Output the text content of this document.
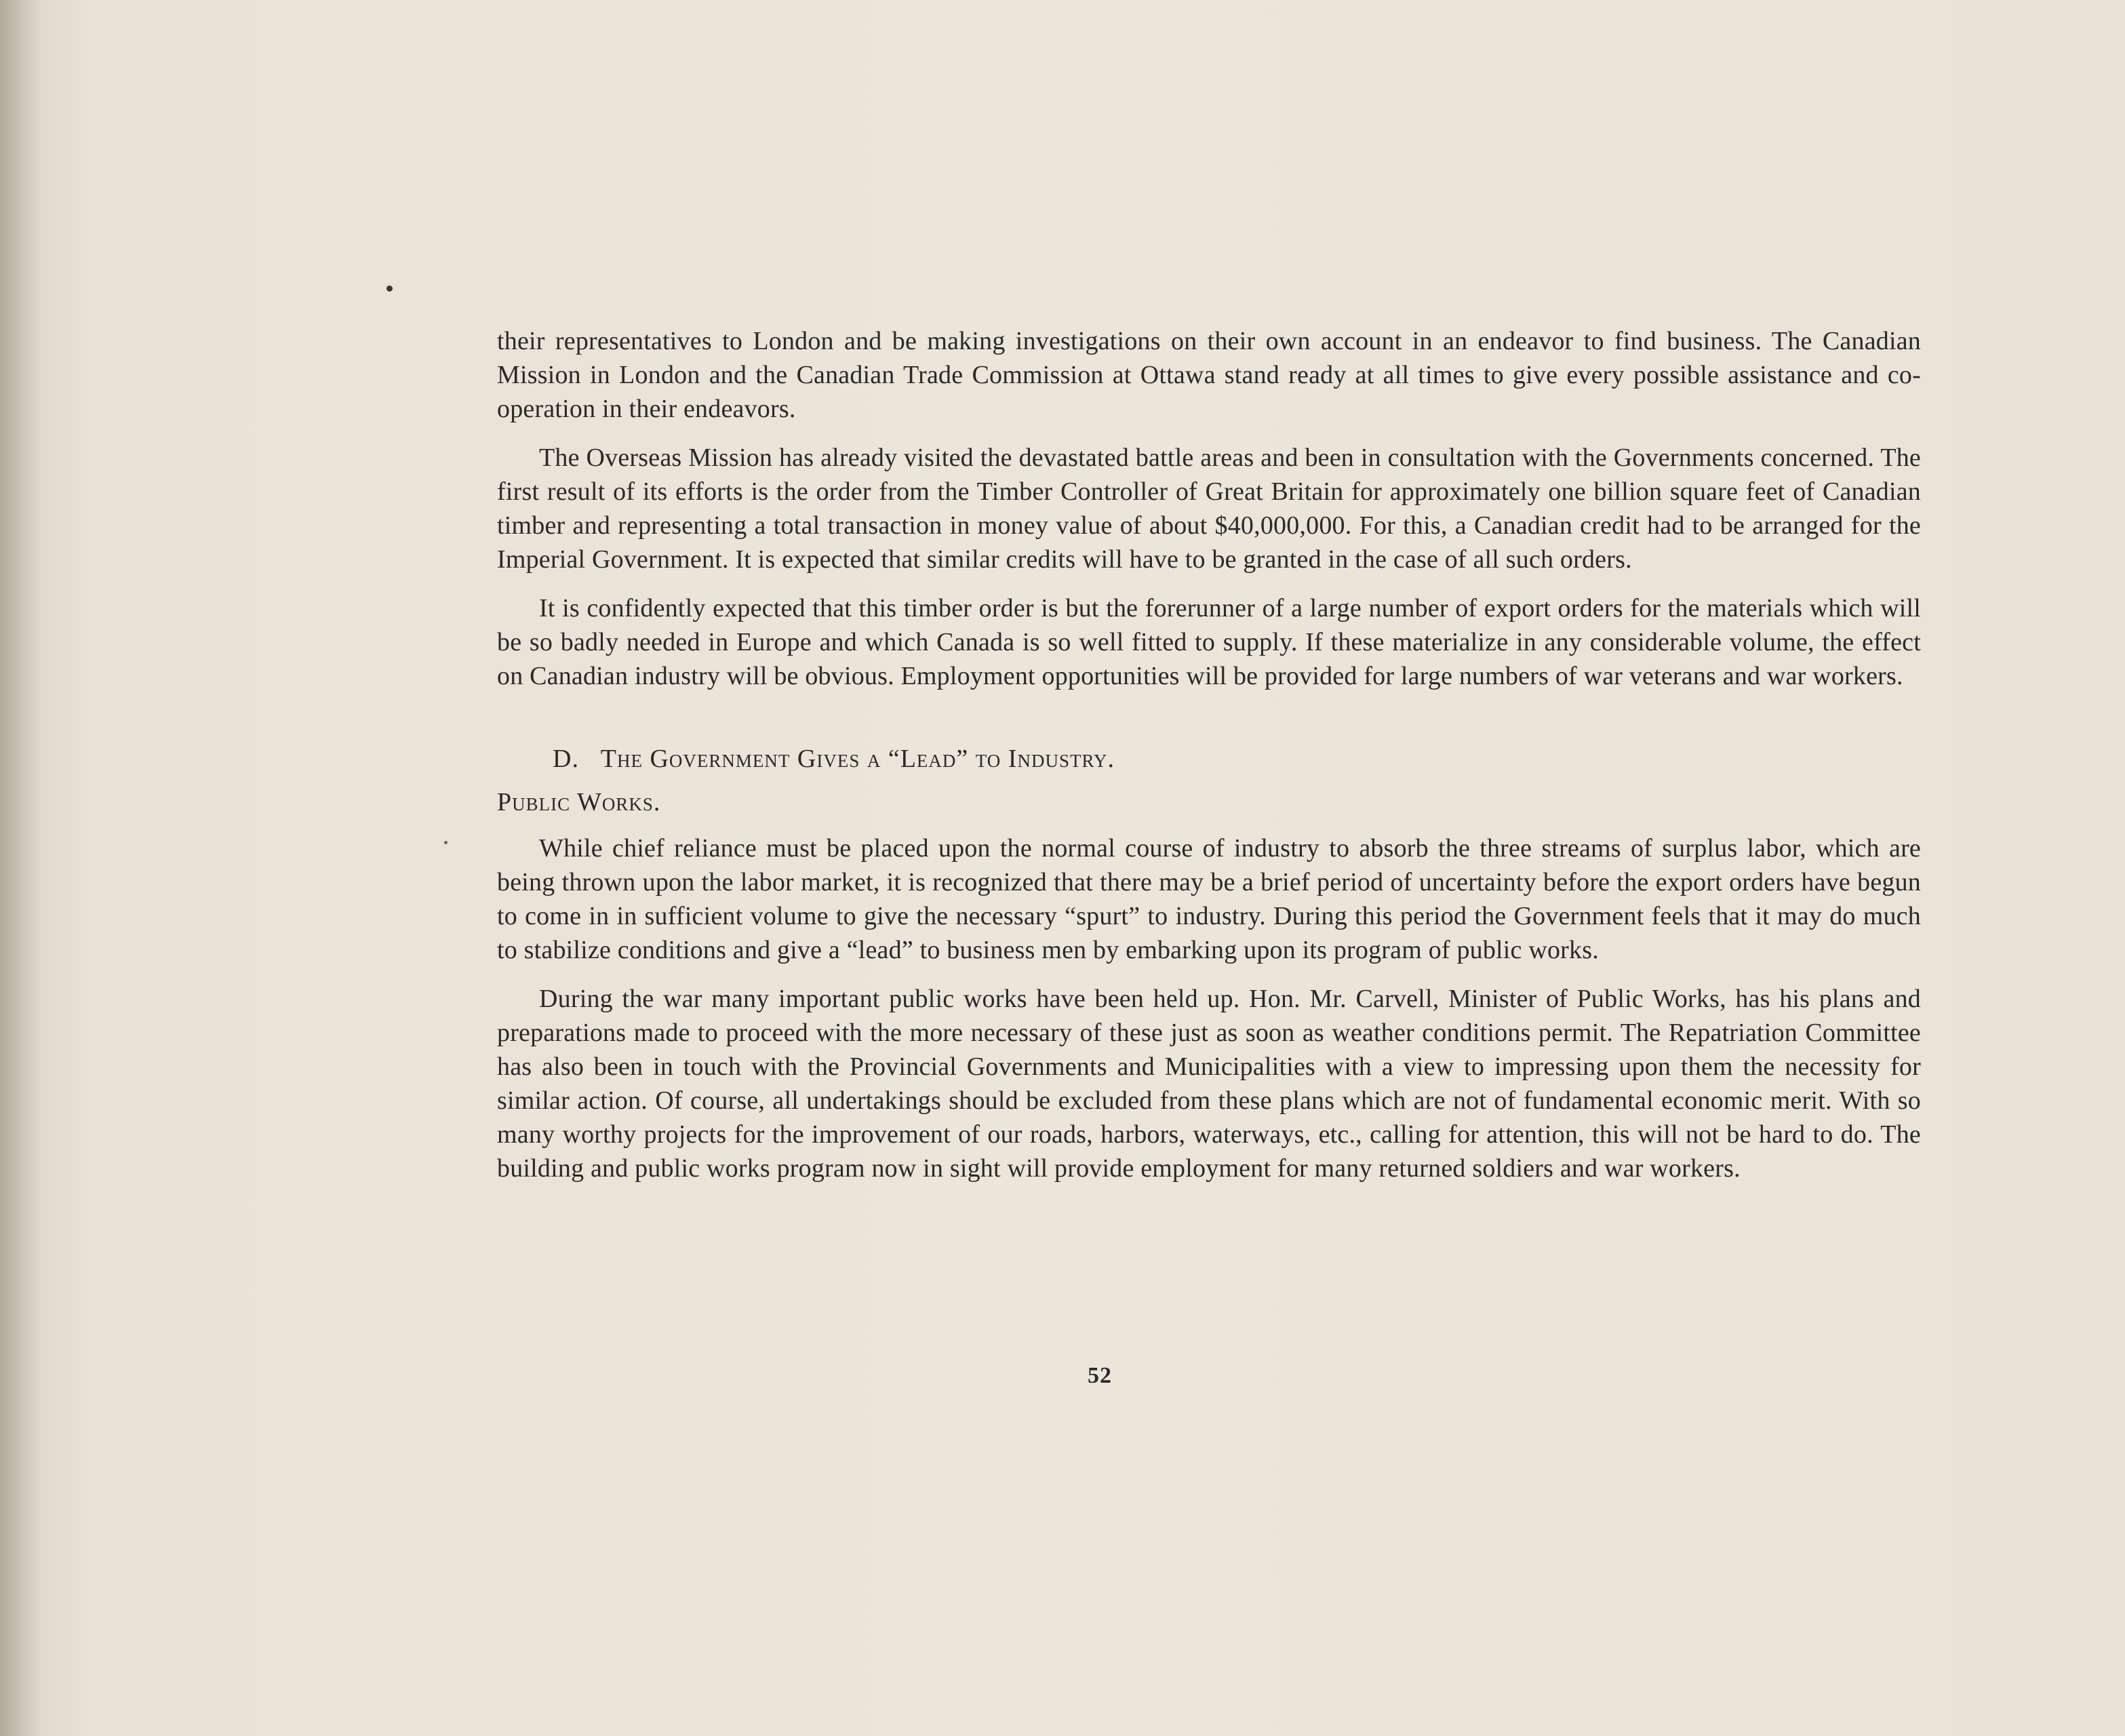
their representatives to London and be making investigations on their own account in an endeavor to find business. The Canadian Mission in London and the Canadian Trade Commission at Ottawa stand ready at all times to give every possible assistance and co-operation in their endeavors.

The Overseas Mission has already visited the devastated battle areas and been in consultation with the Governments concerned. The first result of its efforts is the order from the Timber Controller of Great Britain for approximately one billion square feet of Canadian timber and representing a total transaction in money value of about $40,000,000. For this, a Canadian credit had to be arranged for the Imperial Government. It is expected that similar credits will have to be granted in the case of all such orders.

It is confidently expected that this timber order is but the forerunner of a large number of export orders for the materials which will be so badly needed in Europe and which Canada is so well fitted to supply. If these materialize in any considerable volume, the effect on Canadian industry will be obvious. Employment opportunities will be provided for large numbers of war veterans and war workers.

D. The Government Gives a “Lead” to Industry.
Public Works.

While chief reliance must be placed upon the normal course of industry to absorb the three streams of surplus labor, which are being thrown upon the labor market, it is recognized that there may be a brief period of uncertainty before the export orders have begun to come in in sufficient volume to give the necessary “spurt” to industry. During this period the Government feels that it may do much to stabilize conditions and give a “lead” to business men by embarking upon its program of public works.

During the war many important public works have been held up. Hon. Mr. Carvell, Minister of Public Works, has his plans and preparations made to proceed with the more necessary of these just as soon as weather conditions permit. The Repatriation Committee has also been in touch with the Provincial Governments and Municipalities with a view to impressing upon them the necessity for similar action. Of course, all undertakings should be excluded from these plans which are not of fundamental economic merit. With so many worthy projects for the improvement of our roads, harbors, waterways, etc., calling for attention, this will not be hard to do. The building and public works program now in sight will provide employment for many returned soldiers and war workers.

52
